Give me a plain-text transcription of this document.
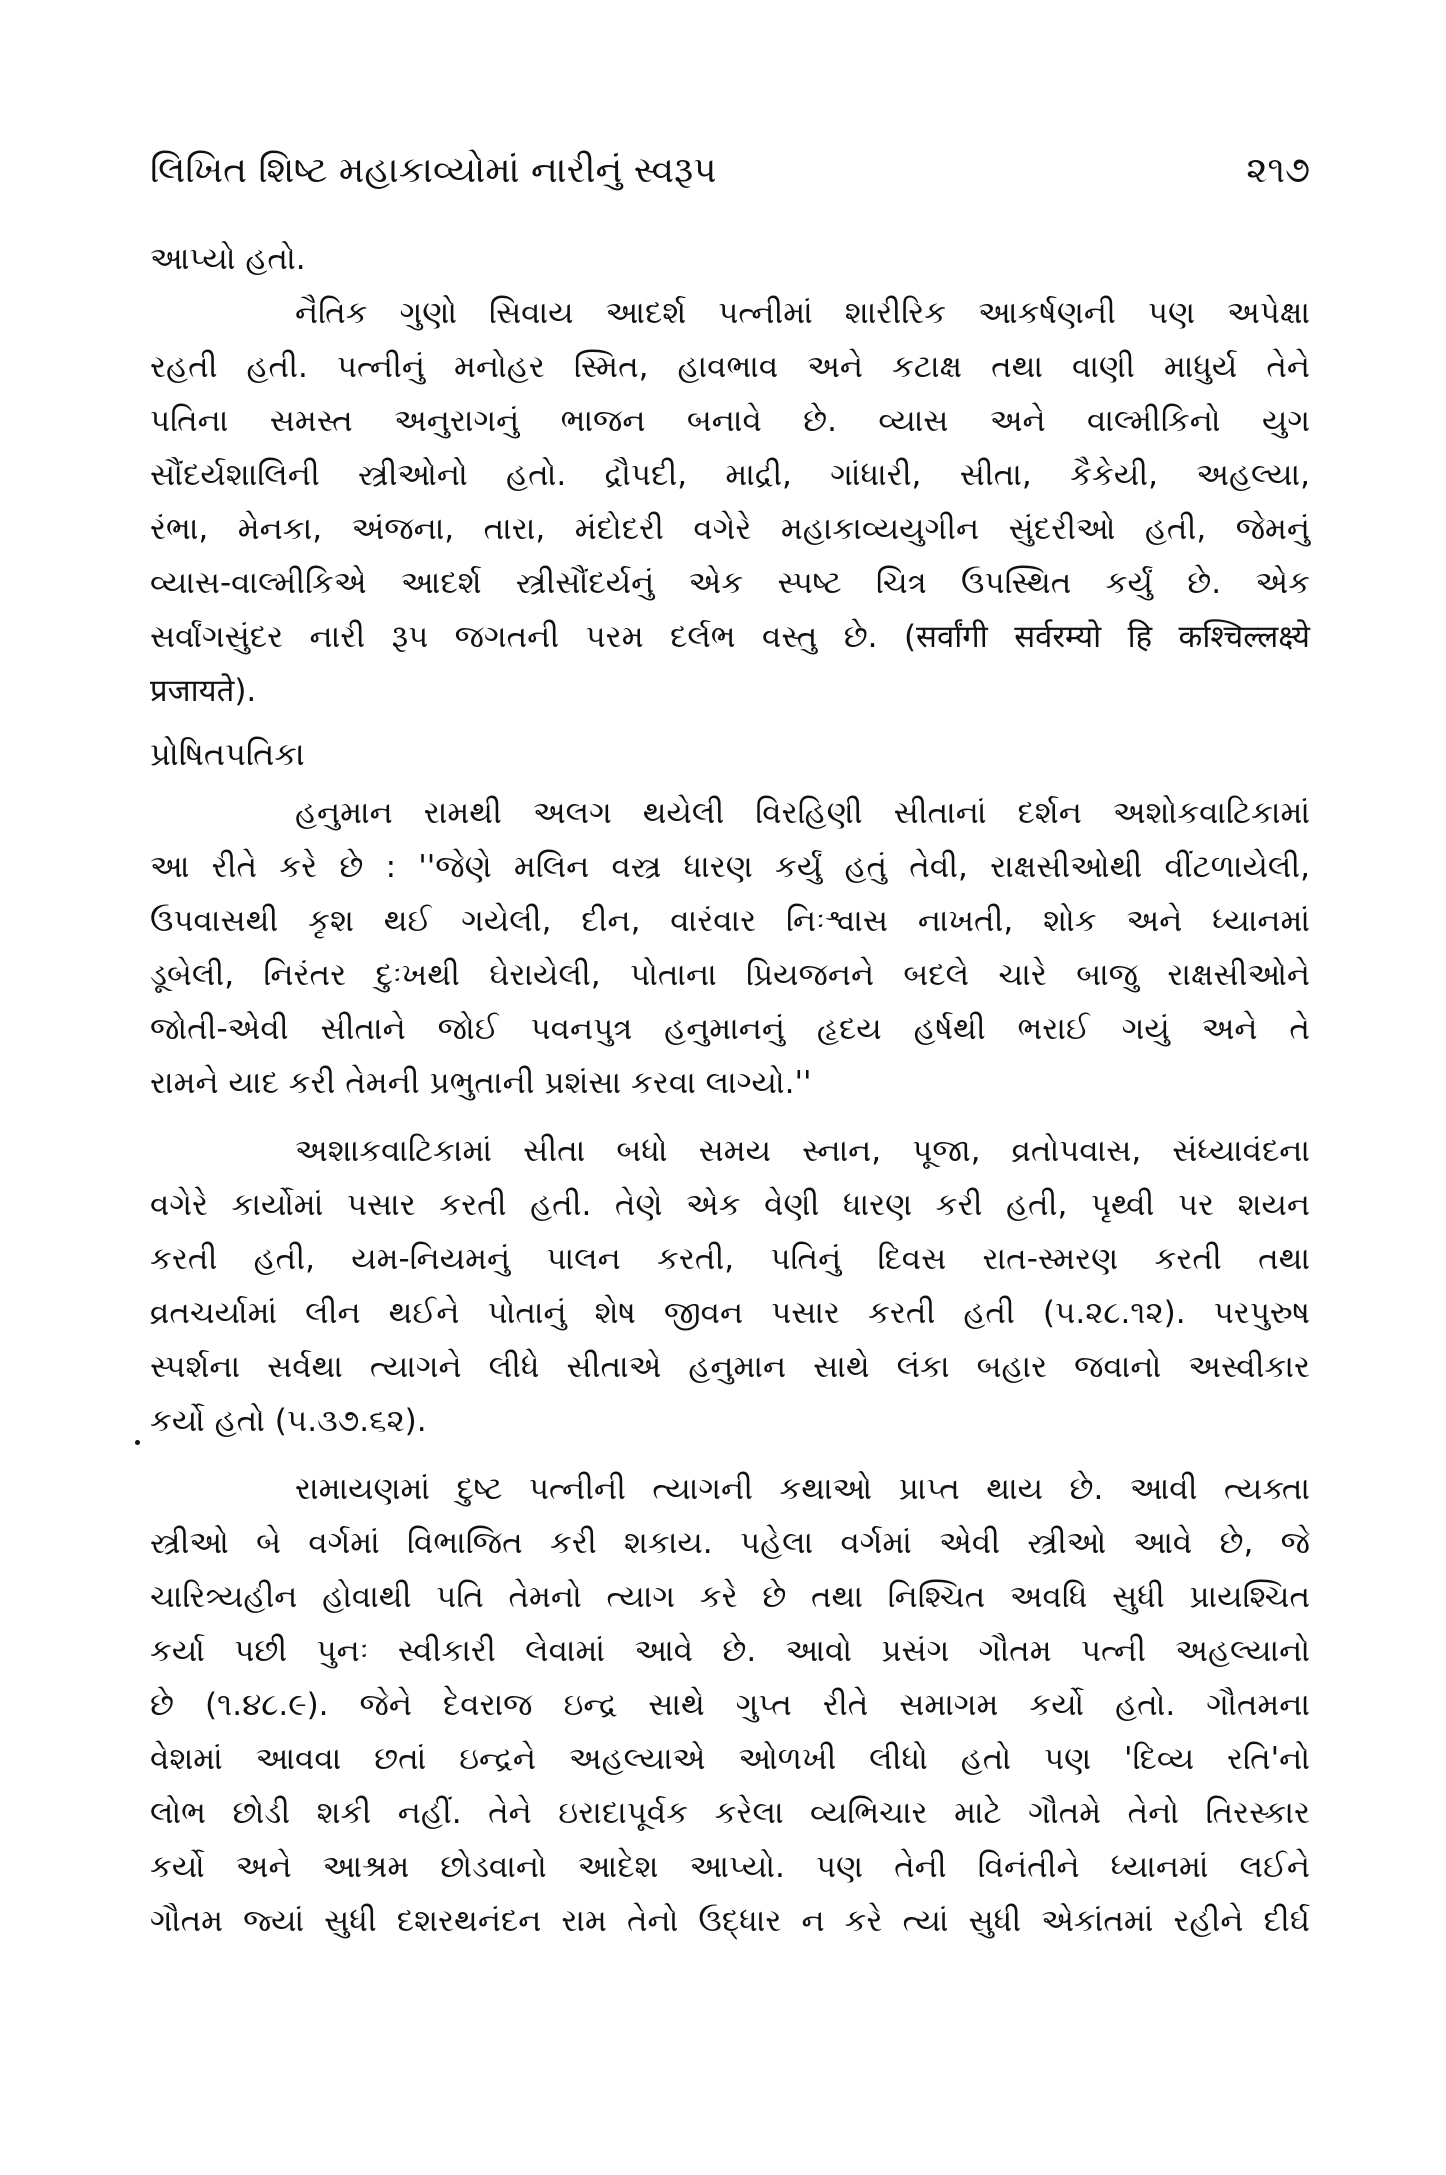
લિખિત શિષ્ટ મહાકાવ્યોમાં નારીનું સ્વરૂપ	૨૧૭
આપ્યો હતો.
નૈતિક ગુણો સિવાય આદર્શ પત્નીમાં શારીરિક આકર્ષણની પણ અપેક્ષા
રહતી હતી. પત્નીનું મનોહર સ્મિત, હાવભાવ અને કટાક્ષ તથા વાણી માધુર્ય તેને
પતિના સમસ્ત અનુરાગનું ભાજન બનાવે છે. વ્યાસ અને વાલ્મીકિનો યુગ
સૌંદર્યશાલિની સ્ત્રીઓનો હતો. દ્રૌપદી, માદ્રી, ગાંધારી, સીતા, કૈકેયી, અહલ્યા,
રંભા, મેનકા, અંજના, તારા, મંદોદરી વગેરે મહાકાવ્યયુગીન સુંદરીઓ હતી, જેમનું
વ્યાસ-વાલ્મીકિએ આદર્શ સ્ત્રીસૌંદર્યનું એક સ્પષ્ટ ચિત્ર ઉપસ્થિત કર્યું છે. એક
સર્વાંગસુંદર નારી રૂપ જગતની પરમ દર્લભ વસ્તુ છે. (सर्वांगी सर्वरम्यो हि कश्चिल्लक्ष्ये
प्रजायते).
પ્રોષિતપતિકા
હનુમાન રામથી અલગ થયેલી વિરહિણી સીતાનાં દર્શન અશોકવાટિકામાં
આ રીતે કરે છે : ''જેણે મલિન વસ્ત્ર ધારણ કર્યું હતું તેવી, રાક્ષસીઓથી વીંટળાયેલી,
ઉપવાસથી કૃશ થઈ ગયેલી, દીન, વારંવાર નિઃશ્વાસ નાખતી, શોક અને ધ્યાનમાં
ડૂબેલી, નિરંતર દુઃખથી ઘેરાયેલી, પોતાના પ્રિયજનને બદલે ચારે બાજુ રાક્ષસીઓને
જોતી-એવી સીતાને જોઈ પવનપુત્ર હનુમાનનું હૃદય હર્ષથી ભરાઈ ગયું અને તે
રામને યાદ કરી તેમની પ્રભુતાની પ્રશંસા કરવા લાગ્યો.''
અશાકવાટિકામાં સીતા બધો સમય સ્નાન, પૂજા, વ્રતોપવાસ, સંધ્યાવંદના
વગેરે કાર્યોમાં પસાર કરતી હતી. તેણે એક વેણી ધારણ કરી હતી, પૃથ્વી પર શયન
કરતી હતી, યમ-નિયમનું પાલન કરતી, પતિનું દિવસ રાત-સ્મરણ કરતી તથા
વ્રતચર્યામાં લીન થઈને પોતાનું શેષ જીવન પસાર કરતી હતી (૫.૨૮.૧૨). પરપુરુષ
સ્પર્શના સર્વથા ત્યાગને લીધે સીતાએ હનુમાન સાથે લંકા બહાર જવાનો અસ્વીકાર
કર્યો હતો (૫.૩૭.૬૨).
રામાયણમાં દુષ્ટ પત્નીની ત્યાગની કથાઓ પ્રાપ્ત થાય છે. આવી ત્યક્તા
સ્ત્રીઓ બે વર્ગમાં વિભાજિત કરી શકાય. પહેલા વર્ગમાં એવી સ્ત્રીઓ આવે છે, જે
ચારિત્ર્યહીન હોવાથી પતિ તેમનો ત્યાગ કરે છે તથા નિશ્ચિત અવધિ સુધી પ્રાયશ્ચિત
કર્યા પછી પુનઃ સ્વીકારી લેવામાં આવે છે. આવો પ્રસંગ ગૌતમ પત્ની અહલ્યાનો
છે (૧.૪૮.૯). જેને દેવરાજ ઇન્દ્ર સાથે ગુપ્ત રીતે સમાગમ કર્યો હતો. ગૌતમના
વેશમાં આવવા છતાં ઇન્દ્રને અહલ્યાએ ઓળખી લીધો હતો પણ 'દિવ્ય રતિ'નો
લોભ છોડી શકી નહીં. તેને ઇરાદાપૂર્વક કરેલા વ્યભિચાર માટે ગૌતમે તેનો તિરસ્કાર
કર્યો અને આશ્રમ છોડવાનો આદેશ આપ્યો. પણ તેની વિનંતીને ધ્યાનમાં લઈને
ગૌતમ જ્યાં સુધી દશરથનંદન રામ તેનો ઉદ્ધાર ન કરે ત્યાં સુધી એકાંતમાં રહીને દીર્ઘ
